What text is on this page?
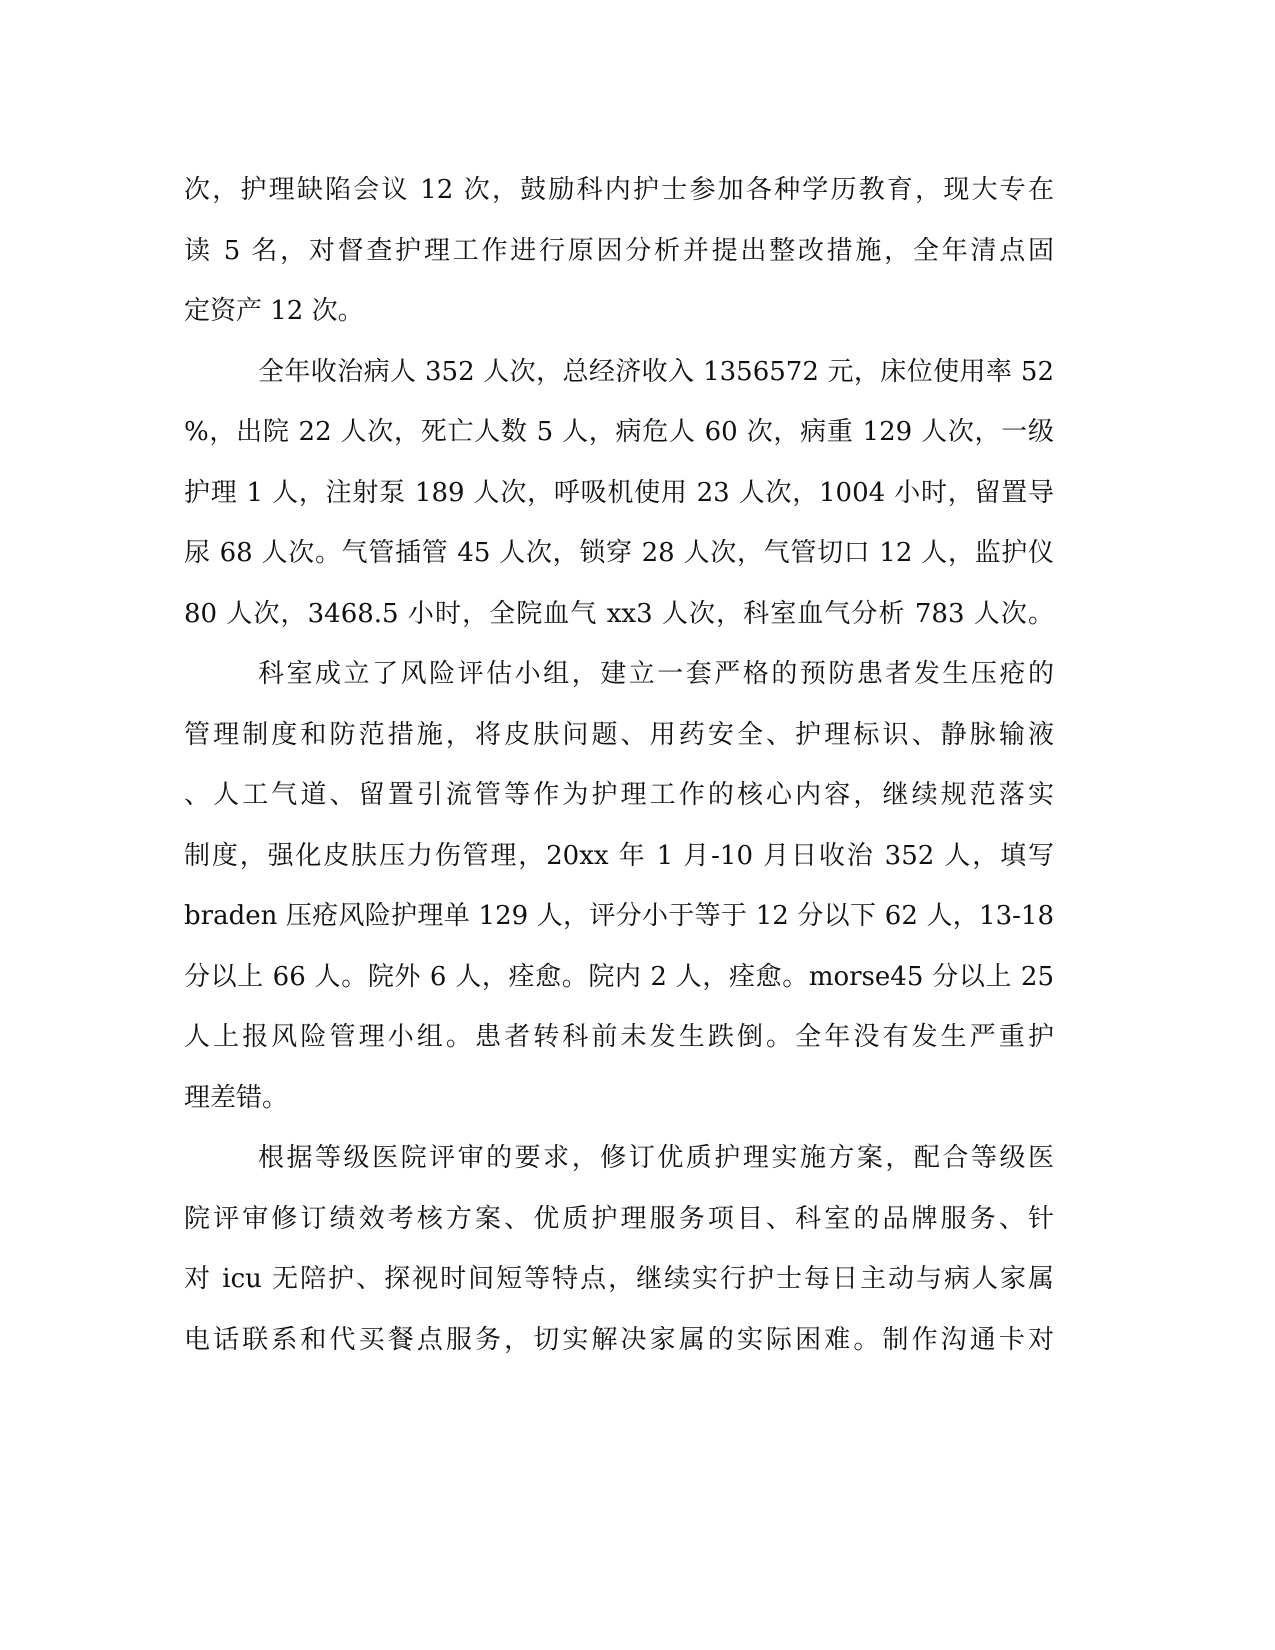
次，护理缺陷会议 12 次，鼓励科内护士参加各种学历教育，现大专在
读 5 名，对督查护理工作进行原因分析并提出整改措施，全年清点固
定资产 12 次。
全年收治病人 352 人次，总经济收入 1356572 元，床位使用率 52
%，出院 22 人次，死亡人数 5 人，病危人 60 次，病重 129 人次，一级
护理 1 人，注射泵 189 人次，呼吸机使用 23 人次，1004 小时，留置导
尿 68 人次。气管插管 45 人次，锁穿 28 人次，气管切口 12 人，监护仪
80 人次，3468.5 小时，全院血气 xx3 人次，科室血气分析 783 人次。
科室成立了风险评估小组，建立一套严格的预防患者发生压疮的
管理制度和防范措施，将皮肤问题、用药安全、护理标识、静脉输液
、人工气道、留置引流管等作为护理工作的核心内容，继续规范落实
制度，强化皮肤压力伤管理，20xx 年 1 月-10 月日收治 352 人，填写
braden 压疮风险护理单 129 人，评分小于等于 12 分以下 62 人，13-18
分以上 66 人。院外 6 人，痊愈。院内 2 人，痊愈。morse45 分以上 25
人上报风险管理小组。患者转科前未发生跌倒。全年没有发生严重护
理差错。
根据等级医院评审的要求，修订优质护理实施方案，配合等级医
院评审修订绩效考核方案、优质护理服务项目、科室的品牌服务、针
对 icu 无陪护、探视时间短等特点，继续实行护士每日主动与病人家属
电话联系和代买餐点服务，切实解决家属的实际困难。制作沟通卡对
